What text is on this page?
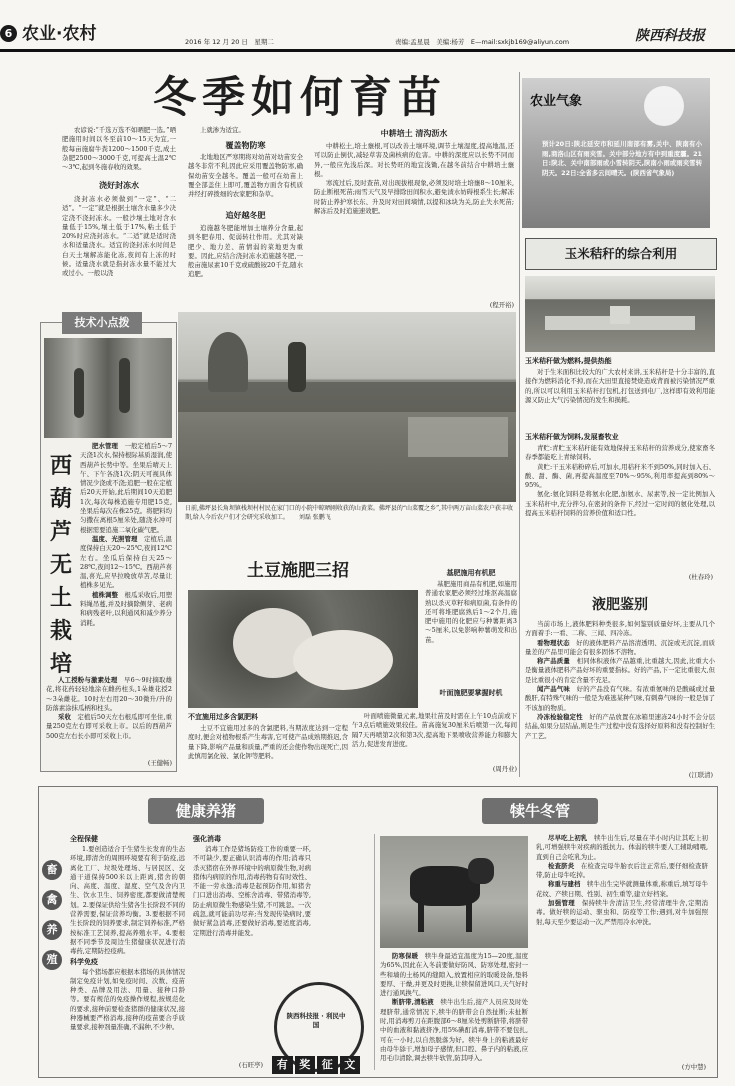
6 农业·农村	2016 年 12 月 20 日　星期二	责编:孟星晨　美编:杨芳　E—mail:sxkjb169@aliyun.com	陕西科技报
冬季如何育苗

农谚说:“千选万选不如晒肥一选。”晒肥施用时间以冬至前10～15天为宜,一般每亩施腐牛粪1200～1500千克,成土杂肥2500～3000千克,可提高土温2℃～3℃,起到冬施春收的效果。

浇好封冻水

浇封冻水必须做到“一定”、“二适”。“一定”就是根据土壤含水量多少决定浇不浇封冻水。一般沙壤土地对含水量低于15%,壤土低于17%,粘土低于20%时应浇封冻水。“二适”就是适时浇水和适量浇水。适宜的浇封冻水时间是白天土壤解冻能化冻,夜间有上冻的时候。适量浇水就是指封冻水量不能过大或过小。一般以浇

上就渗为适宜。

覆盖物防寒

北地地区严寒期将对幼苗对幼苗安全越冬非常不利,因此应采用覆盖物防寒,确保幼苗安全越冬。覆盖一般可在幼苗上覆全部盖住上即可,覆盖物方面含有机质并经打碎拨细的农家肥和杂草。

追好越冬肥

追施越冬肥能增加土壤养分含量,起到冬肥春用、促弱转壮作用。尤其对缺肥少、地力差、苗情弱的菜地更为重要。因此,应结合浇封冻水追施越冬肥,一般亩施尿素10千克或硫酸铵20千克,随水追肥。

中耕培土 清沟沥水

中耕松土,培土壅根,可以改善土壤环境,调节土壤湿度,提高地温,还可以防止倒伏,减轻草害及菌核病的危害。中耕的深度应以长势不同而异,一般应先浅后深。对长势旺的地宜浅锄,在越冬前结合中耕培土壅根。

寒流过后,及时查苗,对出现拔根现象,必须及时培土培壅8～10厘米,防止断根死苗;雨雪天气及早排除田间积水,避免渍水妨碍根系生长;解冻时防止养护寒长东、升及时对田间墒情,以提和冰块为关,防止失水死苗;解冻后及时追施速效肥。

(程开裕)
日前,佛坪县长角坝镇栈坝村村民在家门口的小院中晾晒刚收获的山黄菜。佛坪县的“山菜覆之乡”,其中两万亩山菜农户获丰收期,给人今后农户们才会研究采收加工。 刘磊 张鹏飞
农业气象
预计20日:陕北延安市和延川南部有雾,关中、陕南有小雨,商洛山区有雨夹雪。关中部分地方有中到重度霾。21日:陕北、关中南部雨或小雪转阴天,陕南小雨或雨夹雪转阴天。22日:全省多云间晴天。(陕西省气象局)
玉米秸秆的综合利用
玉米秸秆做为燃料,提供热能

对于生米面积比较大的广大农村来讲,玉米秸秆是十分丰富的,直接作为燃料消化不掉,而在大田里直接焚烧造成背面被污染情况严重的,所以可以利用玉米秸秆打包机,打包送到电厂,这样即有效利用能源又防止大气污染情况的发生和损耗。

玉米秸秆做为饲料,发展畜牧业

青贮:青贮玉米秸秆能有效地保持玉米秸秆的营养成分,使家畜冬春季都能吃上青绿饲料。

黄贮:干玉米秸粉碎后,可加水,用秸秆米不到50%,同时加入石、酸、甜、酶、菌,再提高温度至70%～95%,利用率提高到80%～95%。

氨化:氨化饲料是将氨水化肥,加氨水、尿素等,按一定比例加入玉米秸秆中,充分拌匀,在密封的条件下,经过一定时间的氨化处理,以提高玉米秸秆饲料的营养价值和适口性。

(杜春玲)
液肥鉴别

当前市场上,液体肥料种类很多,如何鉴别质量好坏,主要从几个方面着手:一看、二称、三闻、四冷冻。

看物理状态　 好的液体肥料产品溶清透明、沉淀或无沉淀,而质量差的产品里可能会有很多固体不溶物。

称产品质量　 相同体积液体产品越重,比重越大,因此,比重大小是衡量液体肥料产品好坏的重要指标。好的产品,下一定比重很大,但是比重很小的肯定含量不充足。

闻产品气味　 好的产品没有气味。有浓重氨味的是酸碱或过量酸肝,有特殊气味的一般是为难逃某种气味,有刺鼻气味的一般是加了不该加的物质。

冷冻检验稳定性　 好的产品放置在冰箱里速冻24小时不会分层结晶,如果分层结晶,则是生产过程中没有选择好原料和没有控制好生产工艺。

(江联清)
技术小点拨
西葫芦无土栽培

肥水管理　 一般定植后5～7天浇1次水,保持根际基质湿润,使西葫芦长势中等。坐果后晴天上午、下午各浇1次;阴天可视具体情况少浇或不浇;追肥一般在定植后20天开始,此后期间10天追肥1次,每次每株追施专用肥15克,坐果后每次在株25克。将肥料均匀撒在离根5厘米处,随浇水冲可根据需要追施二氧化碳气肥。

温度、光照管理　 定植后,温度保持白天20～25℃,夜间12℃左右。坐瓜后保持白天25～28℃,夜间12～15℃。西葫芦喜温,喜光,应早拉晚放草苫,尽量让植株多见光。

植株调整　 根瓜采收后,用塑料绳吊蔓,并及时摘除侧芽、老病和病残老叶,以利通风和减少养分消耗。

人工授粉与激素处理　 早6～9时摘取雄花,将花药轻轻地涂在雌药柱头,1朵雄花授2～3朵雌花。10时左右用20～30微升/升的防落素涂抹瓜柄和柱头。

采收　 定植后50天左右根瓜即可坐住,重量250克左右即可采收上市。以后的西葫芦500克左右长小即可采收上市。

(王健畅)
土豆施肥三招
不宜施用过多含氯肥料

土豆不宜施用过多的含氯肥料,当期浓度达到一定程度时,便会对植物根系产生毒害,它可使产品成熟期推迟,含量下降,影响产品量和质量,严重的还会使作物出现死亡,因此慎用氯化铵、氯化钾等肥料。

基肥施用有机肥

基肥施用商品有机肥,如施用普通农家肥必须经过堆沤高温腐熟以杀灭草籽和病原菌,有条件的还可将堆肥腐熟后1～2个月,施肥中施用的化肥应与种薯距离3～5厘米,以免影响种薯萌发和出苗。

叶面施肥要掌握时机

叶面喷施微量元素,地果壮苗及时需在上午10点前或下午3点后喷施效果较佳。苗高施复30厘米后喷第一次,每间隔7天再喷第2次和第3次,提高地下果喷收营养能力和膨大活力,促进发育进度。

(周丹业)
健康养猪	犊牛冬管
畜
禽
养
殖
全程保健

1.要创造适合于生猪生长发育的生态环境,即清舍的周围环境要有利于防疫,远离化工厂、垃圾处理场、与居民区、交通干道保持500米以上距离,猪舍的朝向、高度、温度、湿度、空气及舍内卫生、饮水卫生、饲养密度,都要做清楚规划。2.要保证供给生猪各生长阶段不同的营养需要,保证营养均衡。3.要根据不同生长阶段的饲养要求,制定饲养标准,严格按标准工艺饲养,提高养殖水平。4.要根据不同季节及周边生猪健康状况进行消毒药,定期防控疫病。

科学免疫

每个猪场都应根据本猪场的具体情况制定免疫计划,如免疫时间、次数、疫苗种类、品牌及用法、用量、接种口龄等。要有规范的免疫操作规程,按规范化的要求,接种前要检查猪群的健康状况,接种器械要严格消毒,接种的疫苗要合乎质量要求,接种剂量准确,不漏种,不少种。

强化消毒

消毒工作是猪场防疫工作的重要一环,不可缺少,要正确认识消毒的作用;消毒只杀灭猪宿在外界环境中的病原微生物,对病猪体内病原的作用,消毒药物有有时效性、不能一劳永逸;消毒是起预防作用,如猪舍门口进出消毒、空栋舍消毒、带猪消毒等,防止病原微生物感染生猪,不可跳忽。一次疏忽,就可能前功尽弃;当发现传染病时,要做好紧急消毒,还要做好消毒,要适度消毒,定期进行消毒并能发。

(石旺亭)
陕西科技报 · 利民中国
有	奖	征	文

防寒保暖　 犊牛身最适宜温度为15—20度,温度为65%,因此在入冬前要做好防风、防寒处理,密封一些和墙的土杨风的缝隙入,放置相应的取暖设备,垫料要厚、干燥,并更及时更换,让犊保留进风口,天气好时进行通风换气。

断脐带,清粘液　 犊牛出生后,接产人员应及时处理脐带,通常情况下,犊牛的脐带会自然扯断;未扯断时,用消毒剪刀在距腹部6～8厘米处剪断脐带,将脐带中的血液和黏液挤净,用5%碘酊消毒,脐带不要包扎,可在一小时,以自然脱落为好。犊牛身上的粘液最好由母牛舔干,增加母子感情,但口腔、鼻子内的粘液,应用毛巾清除,调去犊牛软管,防其呼入。

尽早吃上初乳　 犊牛出生后,尽量在半小时内让其吃上初乳,可增强犊牛对疾病的抵抗力。体弱的犊牛要人工辅助哺喂,直到自己会吃乳为止。

检查脐炎　 在检查完母牛胎衣后注正常后,要仔细检查脐带,防止母牛吃掉。

称重与建档　 犊牛出生完毕就测量体重,称重后,填写母牛花纹、产犊日期、性别、初生重等,建立好档案。

加强管理　 保持犊牛舍清洁卫生,经常清理牛舍,定期消毒。做好犊的运动、驱虫和、防疫等工作;遇到,对牛加强照射,每天至少要运动一次,严禁用冷水冲洗。

(方中慧)
